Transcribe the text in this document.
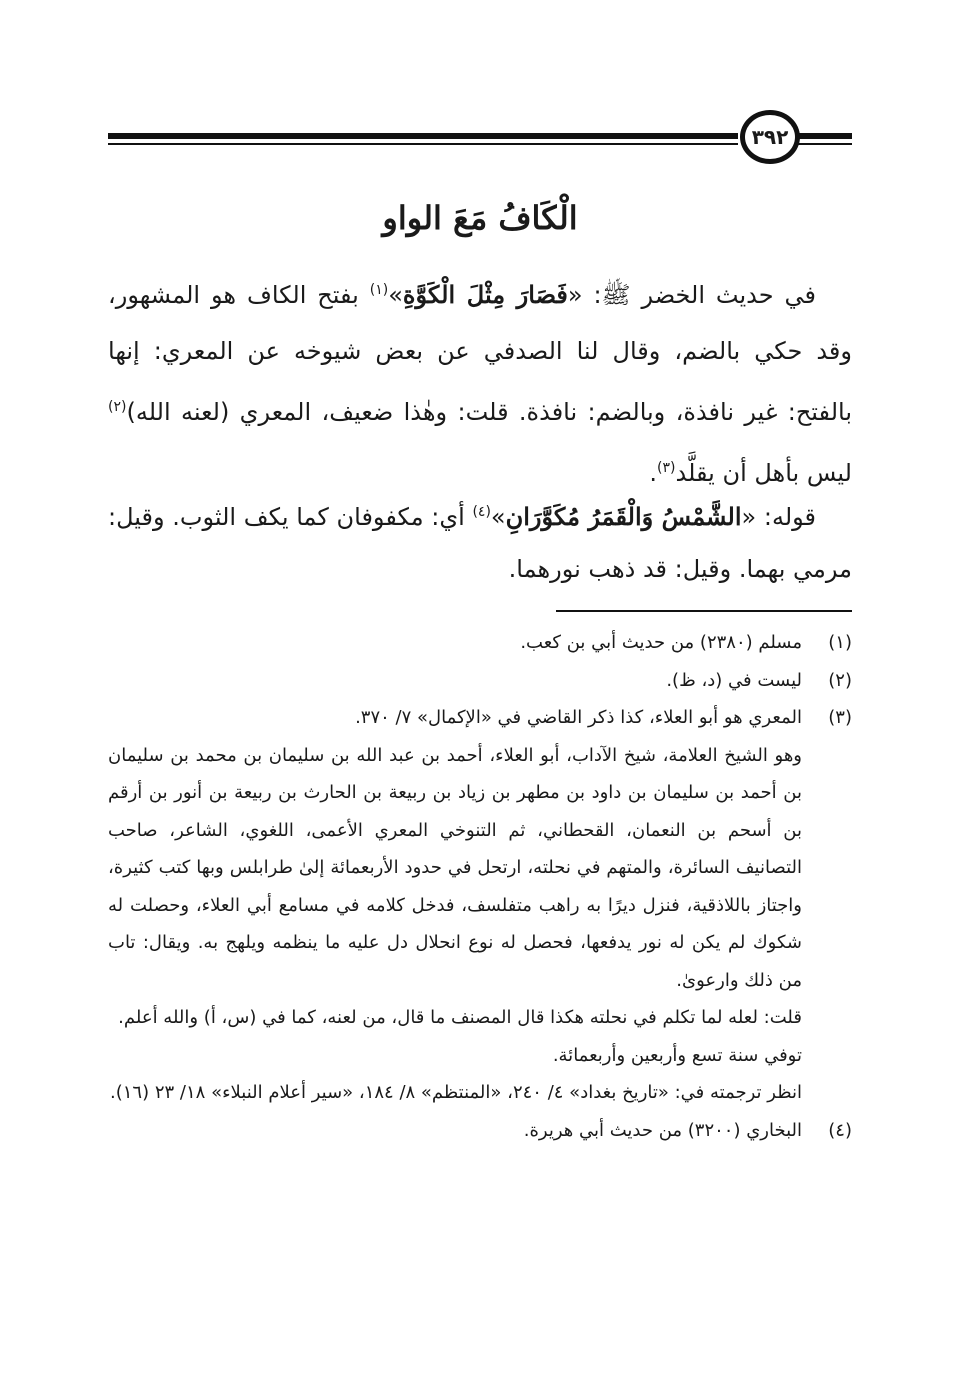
٣٩٢
الْكَافُ مَعَ الواو
في حديث الخضر ﷺ: «فَصَارَ مِثْلَ الْكَوَّةِ»$^{(١)}$ بفتح الكاف هو المشهور، وقد حكي بالضم، وقال لنا الصدفي عن بعض شيوخه عن المعري: إنها بالفتح: غير نافذة، وبالضم: نافذة. قلت: وهٰذا ضعيف، المعري (لعنه الله)$^{(٢)}$ ليس بأهل أن يقلَّد$^{(٣)}$.
قوله: «الشَّمْسُ وَالْقَمَرُ مُكَوَّرَانِ»$^{(٤)}$ أي: مكفوفان كما يكف الثوب. وقيل: مرمي بهما. وقيل: قد ذهب نورهما.
(١)
مسلم (٢٣٨٠) من حديث أبي بن كعب.
(٢)
ليست في (د، ظ).
(٣)
المعري هو أبو العلاء، كذا ذكر القاضي في «الإكمال» ٧/ ٣٧٠.
وهو الشيخ العلامة، شيخ الآداب، أبو العلاء، أحمد بن عبد الله بن سليمان بن محمد بن سليمان بن أحمد بن سليمان بن داود بن مطهر بن زياد بن ربيعة بن الحارث بن ربيعة بن أنور بن أرقم بن أسحم بن النعمان، القحطاني، ثم التنوخي المعري الأعمى، اللغوي، الشاعر، صاحب التصانيف السائرة، والمتهم في نحلته، ارتحل في حدود الأربعمائة إلىٰ طرابلس وبها كتب كثيرة، واجتاز باللاذقية، فنزل ديرًا به راهب متفلسف، فدخل كلامه في مسامع أبي العلاء، وحصلت له شكوك لم يكن له نور يدفعها، فحصل له نوع انحلال دل عليه ما ينظمه ويلهج به. ويقال: تاب من ذلك وارعوىٰ.
قلت: لعله لما تكلم في نحلته هكذا قال المصنف ما قال، من لعنه، كما في (س، أ) والله أعلم.
توفي سنة تسع وأربعين وأربعمائة.
انظر ترجمته في: «تاريخ بغداد» ٤/ ٢٤٠، «المنتظم» ٨/ ١٨٤، «سير أعلام النبلاء» ١٨/ ٢٣ (١٦).
(٤)
البخاري (٣٢٠٠) من حديث أبي هريرة.
